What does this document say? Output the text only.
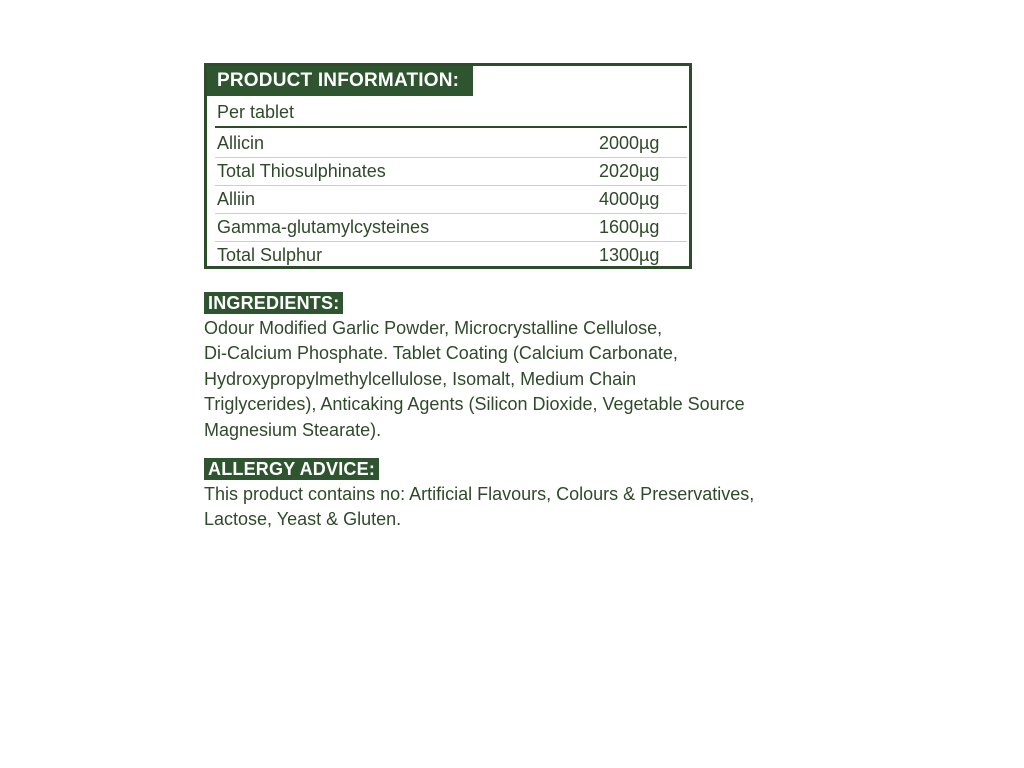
PRODUCT INFORMATION:
Per tablet
Allicin	2000µg
Total Thiosulphinates	2020µg
Alliin	4000µg
Gamma-glutamylcysteines	1600µg
Total Sulphur	1300µg
INGREDIENTS:
Odour Modified Garlic Powder, Microcrystalline Cellulose,
Di-Calcium Phosphate. Tablet Coating (Calcium Carbonate,
Hydroxypropylmethylcellulose, Isomalt, Medium Chain
Triglycerides), Anticaking Agents (Silicon Dioxide, Vegetable Source
Magnesium Stearate).
ALLERGY ADVICE:
This product contains no: Artificial Flavours, Colours & Preservatives,
Lactose, Yeast & Gluten.
